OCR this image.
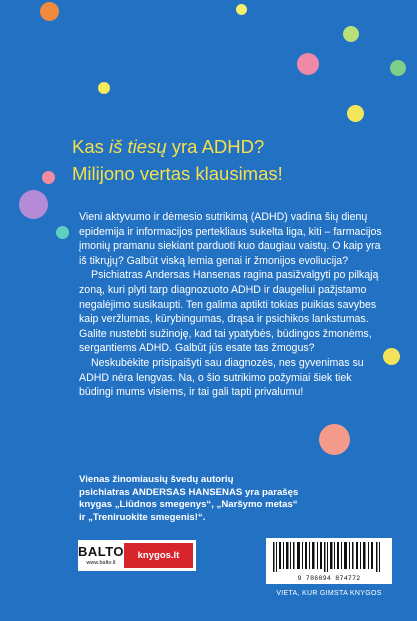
Kas iš tiesų yra ADHD?
Milijono vertas klausimas!

Vieni aktyvumo ir dėmesio sutrikimą (ADHD) vadina šių dienų epidemija ir informacijos pertekliaus sukelta liga, kiti – farmacijos įmonių pramanu siekiant parduoti kuo daugiau vaistų. O kaip yra iš tikrųjų? Galbūt viską lemia genai ir žmonijos evoliucija?

Psichiatras Andersas Hansenas ragina pasižvalgyti po pilkąją zoną, kuri plyti tarp diagnozuoto ADHD ir daugeliui pažįstamo negalėjimo susikaupti. Ten galima aptikti tokias puikias savybes kaip veržlumas, kūrybingumas, drąsa ir psichikos lankstumas. Galite nustebti sužinoję, kad tai ypatybės, būdingos žmonėms, sergantiems ADHD. Galbūt jūs esate tas žmogus?

Neskubėkite prisipaišyti sau diagnozės, nes gyvenimas su ADHD nėra lengvas. Na, o šio sutrikimo požymiai šiek tiek būdingi mums visiems, ir tai gali tapti privalumu!

Vienas žinomiausių švedų autorių
psichiatras ANDERSAS HANSENAS yra parašęs
knygas „Liūdnos smegenys“, „Naršymo metas“
ir „Treniruokite smegenis!“.
BALTO
www.balto.lt
knygos.lt
9 786094 874772
VIETA, KUR GIMSTA KNYGOS
